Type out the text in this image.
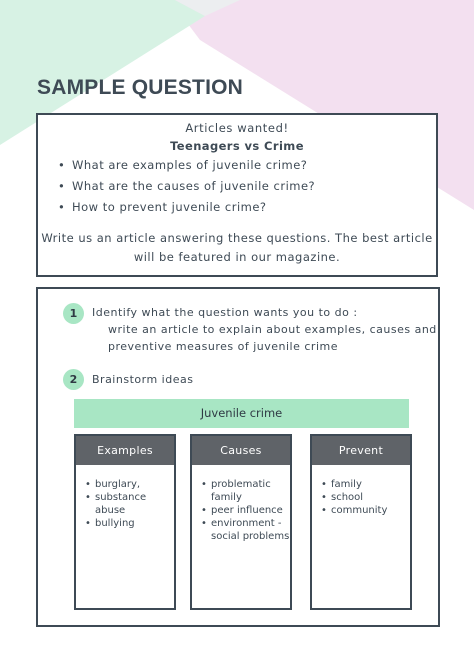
SAMPLE QUESTION
Articles wanted!
Teenagers vs Crime
• What are examples of juvenile crime?
• What are the causes of juvenile crime?
• How to prevent juvenile crime?
Write us an article answering these questions. The best article will be featured in our magazine.
1	Identify what the question wants you to do :
write an article to explain about examples, causes and
preventive measures of juvenile crime
2	Brainstorm ideas
Juvenile crime
Examples
• burglary,
• substance abuse
• bullying
Causes
• problematic family
• peer influence
• environment - social problems
Prevent
• family
• school
• community
